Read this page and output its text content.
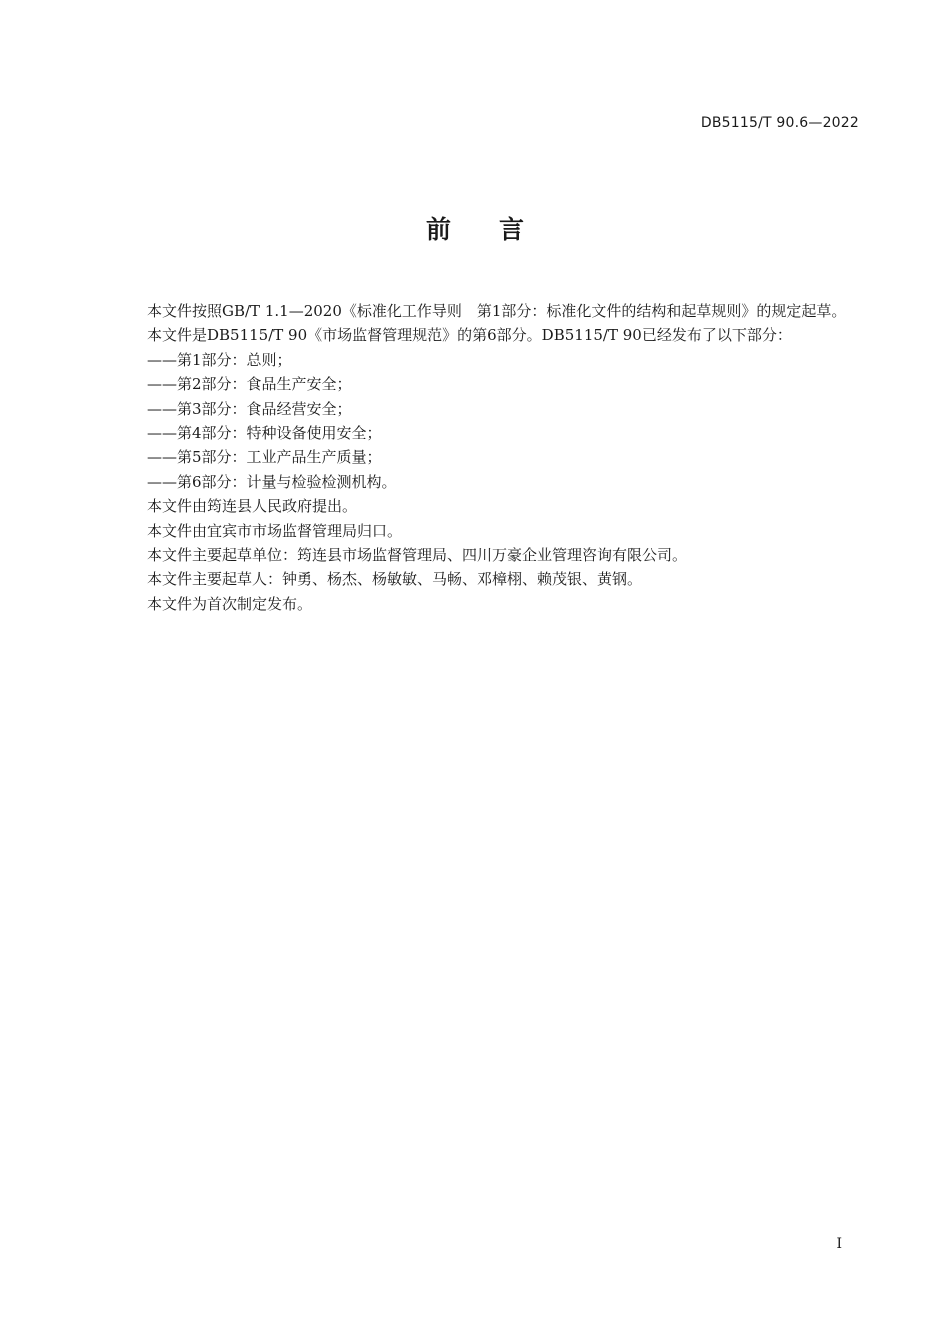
DB5115/T 90.6—2022
前 言

本文件按照GB/T 1.1—2020《标准化工作导则　第1部分：标准化文件的结构和起草规则》的规定起草。

本文件是DB5115/T 90《市场监督管理规范》的第6部分。DB5115/T 90已经发布了以下部分：

——第1部分：总则；

——第2部分：食品生产安全；

——第3部分：食品经营安全；

——第4部分：特种设备使用安全；

——第5部分：工业产品生产质量；

——第6部分：计量与检验检测机构。

本文件由筠连县人民政府提出。

本文件由宜宾市市场监督管理局归口。

本文件主要起草单位：筠连县市场监督管理局、四川万豪企业管理咨询有限公司。

本文件主要起草人：钟勇、杨杰、杨敏敏、马畅、邓樟栩、赖茂银、黄钢。

本文件为首次制定发布。

I
